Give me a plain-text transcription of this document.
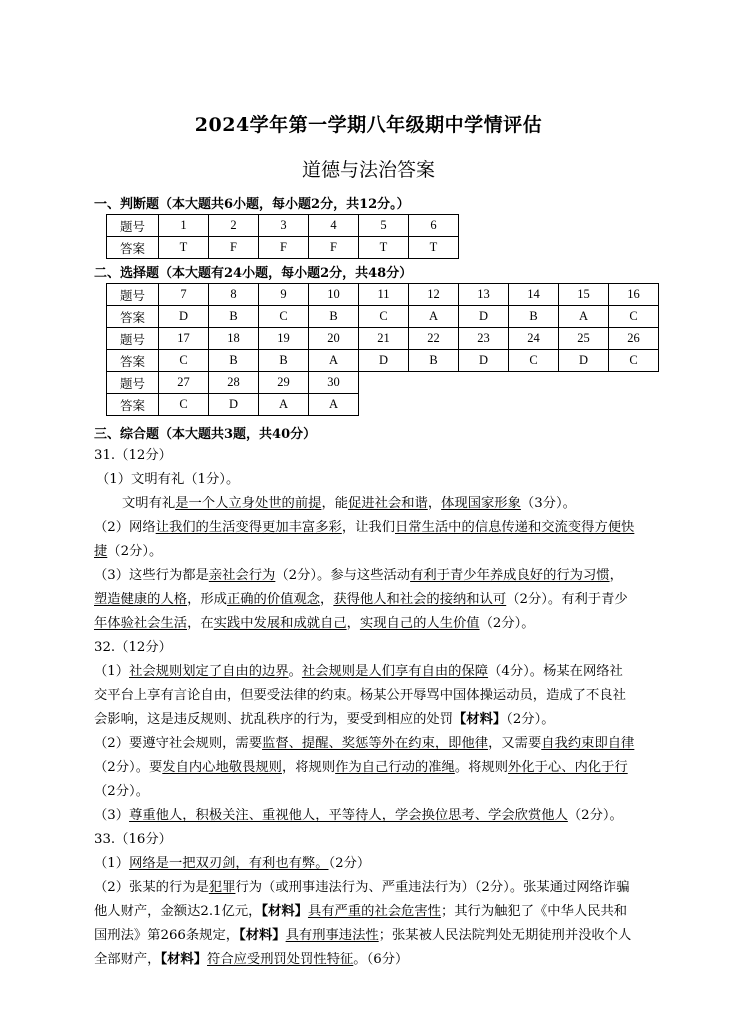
2024学年第一学期八年级期中学情评估
道德与法治答案
一、判断题（本大题共6小题，每小题2分，共12分。）
题号	1	2	3	4	5	6
答案	T	F	F	F	T	T
二、选择题（本大题有24小题，每小题2分，共48分）
题号	7	8	9	10	11	12	13	14	15	16
答案	D	B	C	B	C	A	D	B	A	C
题号	17	18	19	20	21	22	23	24	25	26
答案	C	B	B	A	D	B	D	C	D	C
题号	27	28	29	30						
答案	C	D	A	A						
三、综合题（本大题共3题，共40分）
31.（12分）
（1）文明有礼（1分）。
文明有礼是一个人立身处世的前提，能促进社会和谐，体现国家形象（3分）。
（2）网络让我们的生活变得更加丰富多彩，让我们日常生活中的信息传递和交流变得方便快
捷（2分）。
（3）这些行为都是亲社会行为（2分）。参与这些活动有利于青少年养成良好的行为习惯，
塑造健康的人格，形成正确的价值观念，获得他人和社会的接纳和认可（2分）。有利于青少
年体验社会生活，在实践中发展和成就自己，实现自己的人生价值（2分）。
32.（12分）
（1）社会规则划定了自由的边界。社会规则是人们享有自由的保障（4分）。杨某在网络社
交平台上享有言论自由，但要受法律的约束。杨某公开辱骂中国体操运动员，造成了不良社
会影响，这是违反规则、扰乱秩序的行为，要受到相应的处罚【材料】（2分）。
（2）要遵守社会规则，需要监督、提醒、奖惩等外在约束，即他律，又需要自我约束即自律
（2分）。要发自内心地敬畏规则，将规则作为自己行动的准绳。将规则外化于心、内化于行
（2分）。
（3）尊重他人，积极关注、重视他人，平等待人，学会换位思考、学会欣赏他人（2分）。
33.（16分）
（1）网络是一把双刃剑，有利也有弊。（2分）
（2）张某的行为是犯罪行为（或刑事违法行为、严重违法行为）（2分）。张某通过网络诈骗
他人财产，金额达2.1亿元，【材料】具有严重的社会危害性；其行为触犯了《中华人民共和
国刑法》第266条规定，【材料】具有刑事违法性；张某被人民法院判处无期徒刑并没收个人
全部财产，【材料】符合应受刑罚处罚性特征。（6分）
